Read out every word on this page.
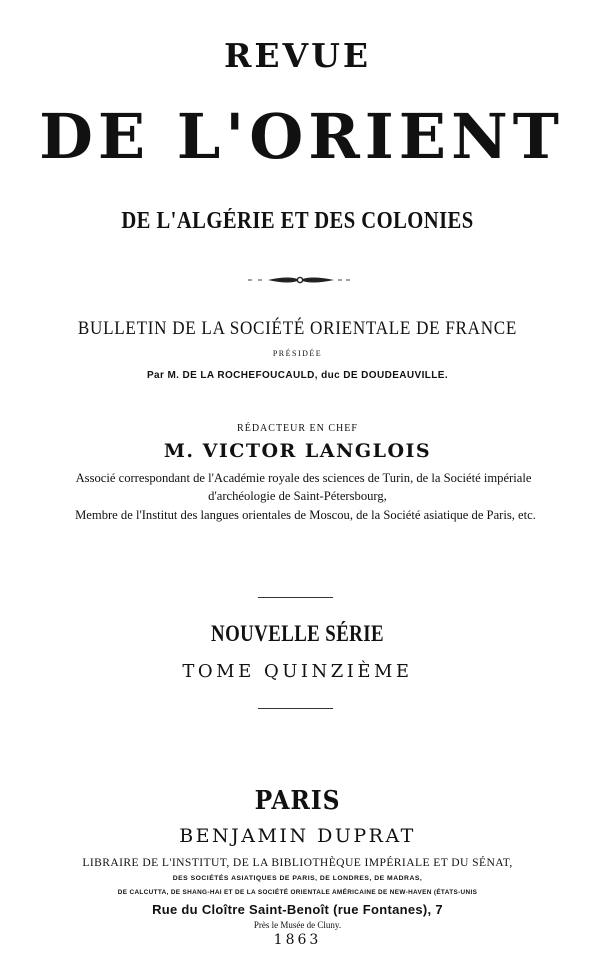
REVUE
DE L'ORIENT
DE L'ALGÉRIE ET DES COLONIES
BULLETIN DE LA SOCIÉTÉ ORIENTALE DE FRANCE
PRÉSIDÉE
Par M. DE LA ROCHEFOUCAULD, duc DE DOUDEAUVILLE.
RÉDACTEUR EN CHEF
M. VICTOR LANGLOIS
Associé correspondant de l'Académie royale des sciences de Turin, de la Société impériale
d'archéologie de Saint-Pétersbourg,
Membre de l'Institut des langues orientales de Moscou, de la Société asiatique de Paris, etc.
NOUVELLE SÉRIE
TOME QUINZIÈME
PARIS
BENJAMIN DUPRAT
LIBRAIRE DE L'INSTITUT, DE LA BIBLIOTHÈQUE IMPÉRIALE ET DU SÉNAT,
DES SOCIÉTÉS ASIATIQUES DE PARIS, DE LONDRES, DE MADRAS,
DE CALCUTTA, DE SHANG-HAI ET DE LA SOCIÉTÉ ORIENTALE AMÉRICAINE DE NEW-HAVEN (ÉTATS-UNIS
Rue du Cloître Saint-Benoît (rue Fontanes), 7
Près le Musée de Cluny.
1863
